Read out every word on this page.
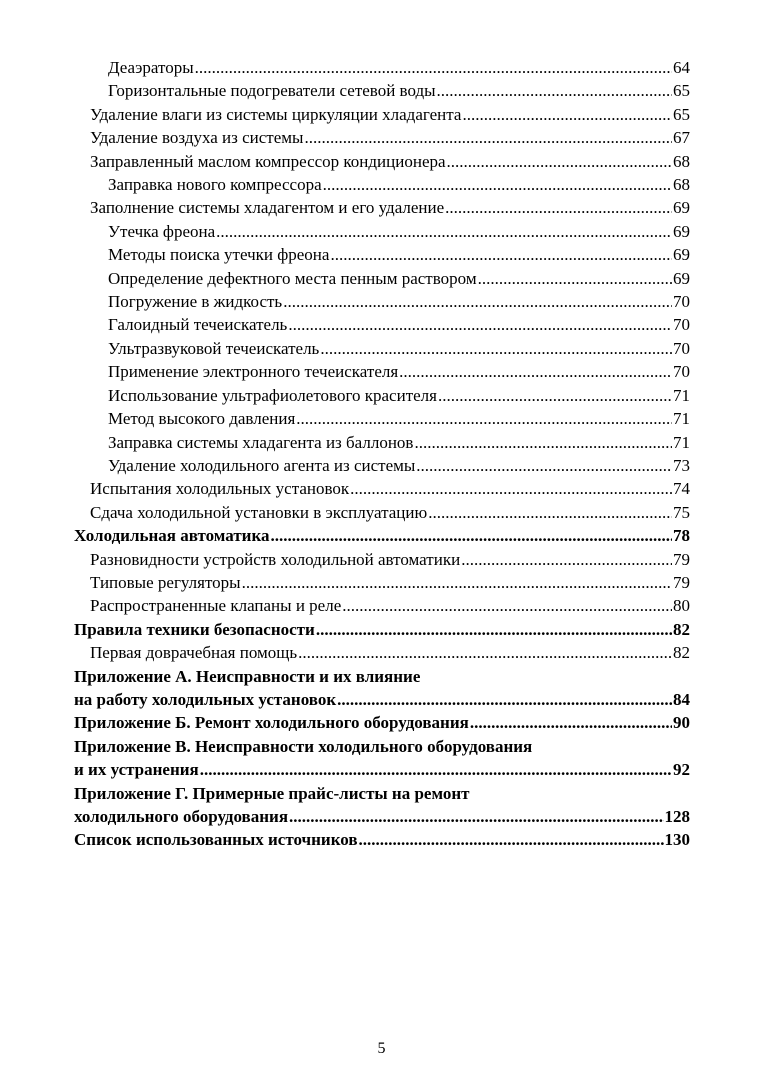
Деаэраторы .....	64
Горизонтальные подогреватели сетевой воды .....	65
Удаление влаги из системы циркуляции хладагента .....	65
Удаление воздуха из системы .....	67
Заправленный маслом компрессор кондиционера .....	68
Заправка нового компрессора .....	68
Заполнение системы хладагентом и его удаление .....	69
Утечка фреона .....	69
Методы поиска утечки фреона .....	69
Определение дефектного места пенным раствором .....	69
Погружение в жидкость .....	70
Галоидный течеискатель .....	70
Ультразвуковой течеискатель .....	70
Применение электронного течеискателя .....	70
Использование ультрафиолетового красителя .....	71
Метод высокого давления .....	71
Заправка системы хладагента из баллонов .....	71
Удаление холодильного агента из системы .....	73
Испытания холодильных установок .....	74
Сдача холодильной установки в эксплуатацию .....	75
Холодильная автоматика .....	78
Разновидности устройств холодильной автоматики .....	79
Типовые регуляторы .....	79
Распространенные клапаны и реле .....	80
Правила техники безопасности .....	82
Первая доврачебная помощь .....	82
Приложение А. Неисправности и их влияние
на работу холодильных установок .....	84
Приложение Б. Ремонт холодильного оборудования .....	90
Приложение В. Неисправности холодильного оборудования
и их устранения .....	92
Приложение Г. Примерные прайс-листы на ремонт
холодильного оборудования .....	128
Список использованных источников .....	130
5
